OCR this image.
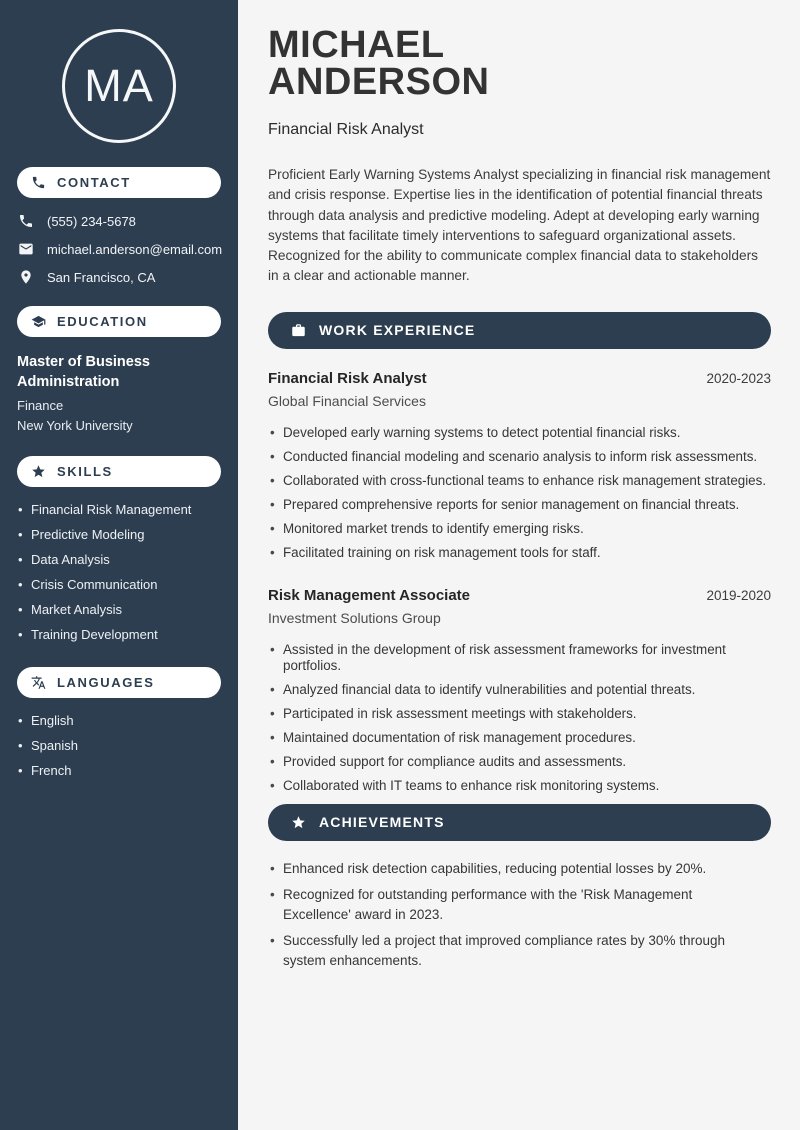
MA
CONTACT
(555) 234-5678
michael.anderson@email.com
San Francisco, CA
EDUCATION
Master of Business Administration
Finance
New York University
SKILLS
• Financial Risk Management
• Predictive Modeling
• Data Analysis
• Crisis Communication
• Market Analysis
• Training Development
LANGUAGES
• English
• Spanish
• French
MICHAEL ANDERSON
Financial Risk Analyst

Proficient Early Warning Systems Analyst specializing in financial risk management and crisis response. Expertise lies in the identification of potential financial threats through data analysis and predictive modeling. Adept at developing early warning systems that facilitate timely interventions to safeguard organizational assets. Recognized for the ability to communicate complex financial data to stakeholders in a clear and actionable manner.

WORK EXPERIENCE
Financial Risk Analyst	2020-2023
Global Financial Services
• Developed early warning systems to detect potential financial risks.
• Conducted financial modeling and scenario analysis to inform risk assessments.
• Collaborated with cross-functional teams to enhance risk management strategies.
• Prepared comprehensive reports for senior management on financial threats.
• Monitored market trends to identify emerging risks.
• Facilitated training on risk management tools for staff.
Risk Management Associate	2019-2020
Investment Solutions Group
• Assisted in the development of risk assessment frameworks for investment portfolios.
• Analyzed financial data to identify vulnerabilities and potential threats.
• Participated in risk assessment meetings with stakeholders.
• Maintained documentation of risk management procedures.
• Provided support for compliance audits and assessments.
• Collaborated with IT teams to enhance risk monitoring systems.
ACHIEVEMENTS
• Enhanced risk detection capabilities, reducing potential losses by 20%.
• Recognized for outstanding performance with the 'Risk Management Excellence' award in 2023.
• Successfully led a project that improved compliance rates by 30% through system enhancements.
